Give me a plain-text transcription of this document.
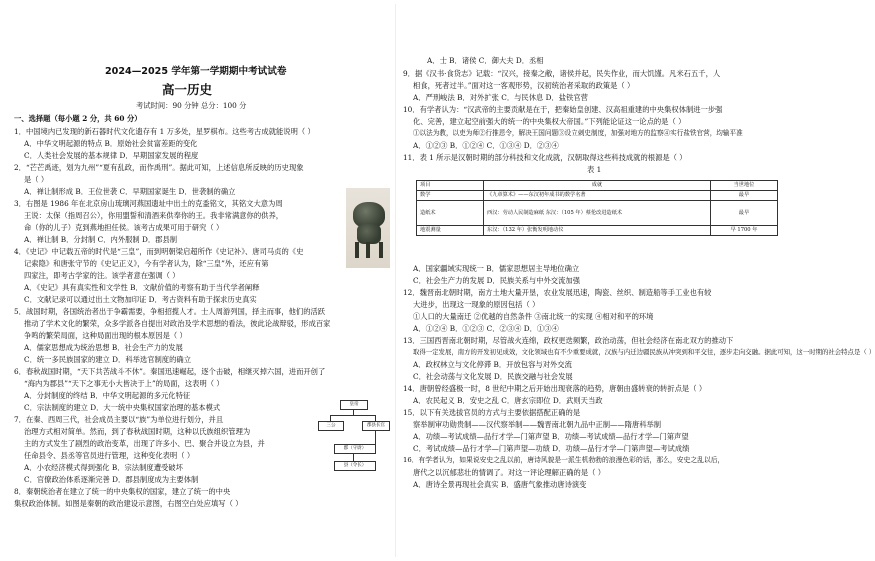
2024—2025 学年第一学期期中考试试卷
高一历史
考试时间：90 分钟 总分：100 分
一、选择题（每小题 2 分，共 60 分）
1．中国境内已发现的新石器时代文化遗存有 1 万多处，星罗棋布。这些考古成就能说明（ ）
A．中华文明起源的特点 B．原始社会贫富差距的变化
C．人类社会发展的基本规律 D．早期国家发展的程度
2．“芒芒禹迹，划为九州”“夏有乱政，而作禹刑”。据此可知，上述信息所反映的历史现象
是（ ）
A．禅让制形成 B．王位世袭 C．早期国家诞生 D．世袭制的确立
3．右图是 1986 年在北京房山琉璃河燕国遗址中出土的克盉铭文，其铭文大意为周
王说：太保（指周召公），你用盟誓和清酒来供奉你的王。我非常满意你的供养，
命（你的儿子）克到燕地担任侯。该考古成果可用于研究（ ）
A．禅让制 B．分封制 C．内外服制 D．郡县制
4．《史记》中记载五帝的时代是“三皇”，而到明朝梁启超所作《史记补》、唐司马贞的《史
记索隐》和唐张守节的《史记正义》，今有学者认为，除“三皇”外，还应有第
四家注，即考古学家的注。该学者意在强调（ ）
A．《史记》具有真实性和文学性 B．文献价值的考察有助于当代学者阐释
C．文献记录可以通过出土文物加印证 D．考古资料有助于探求历史真实
5．战国时期，各国统治者出于争霸需要，争相招揽人才。士人周游列国，择主而事，他们的活跃
推动了学术文化的繁荣，众多学派各自提出对政治及学术思想的看法，彼此论战辩驳，形成百家
争鸣的繁荣局面，这种局面出现的根本原因是（ ）
A．儒家思想成为统治思想 B．社会生产力的发展
C．统一多民族国家的建立 D．科举选官制度的确立
6．春秋战国时期，“天下共苦战斗不休”。秦国迅速崛起，逐个击破，相继灭掉六国，进而开创了
“海内为郡县”“天下之事无小大皆决于上”的局面，这表明（ ）
A．分封制度的终结 B．中华文明起源的多元化特征
C．宗法制度的建立 D．大一统中央集权国家治理的基本模式
7．在秦、西周三代，社会成员主要以“族”为单位进行划分，并且
治理方式相对简单。然而，到了春秋战国时期，这种以氏族组织管理为
主的方式发生了剧烈的政治变革，出现了许多小、巴、聚合并设立为县，并
任命县令、县丞等官员进行管理，这种变化表明（ ）
A．小农经济模式得到强化 B．宗法制度遭受破坏
C．官僚政治体系逐渐完善 D．郡县制度成为主要体制
8．秦朝统治者在建立了统一的中央集权的国家，建立了统一的中央
集权政治体制。如图是秦朝的政治建设示意图，右图空白处应填写（ ）
皇帝
三公	郡县长官
郡（守尉）
县（令长）
A．士 B．诸侯 C．御大夫 D．丞相
9．据《汉书·食货志》记载：“汉兴，接秦之敝，诸侯并起，民失作业，而大饥馑。凡米石五千，人
相食，死者过半。”面对这一客观形势，汉初统治者采取的政策是（ ）
A．严刑峻法 B．对外扩张 C．与民休息 D．盐铁官营
10．有学者认为：“汉武帝的主要贡献是在于，把秦始皇创建、汉高祖重建的中央集权体制进一步强
化、完善，建立起空前强大的统一的中央集权大帝国。”下列能论证这一论点的是（ ）
①以法为教，以吏为师②行推恩令，解决王国问题③设立刺史制度，加强对地方的监察④实行盐铁官营，均输平准
A．①②③ B．①②④ C．①③④ D．②③④
11．表 1 所示是汉朝时期的部分科技和文化成就，汉朝取得这些科技成就的根源是（ ）
表 1
项目	成就	当世地位
数学	《九章算术》——东汉初年成书的数学名著	最早
造纸术	西汉：劳动人民制造麻纸 东汉：（105 年）蔡伦改进造纸术	最早
地震测量	东汉：（132 年）张衡发明地动仪	早 1700 年
A．国家疆域实现统一 B．儒家思想居主导地位确立
C．社会生产力的发展 D．民族关系与中外交流加强
12．魏晋南北朝时期，南方土地大量开垦，农业发展迅速，陶瓷、丝织、制造船等手工业也有较
大进步，出现这一现象的原因包括（ ）
①人口的大量南迁 ②优越的自然条件 ③南北统一的实现 ④相对和平的环境
A．①②④ B．①②③ C．②③④ D．①③④
13．三国西晋南北朝时期，尽管战火连绵，政权更迭频繁，政治动荡，但社会经济在南北双方的推动下
取得一定发展，南方的开发初见成效，文化领域也有不少重要成就，汉族与内迁边疆民族从冲突到和平交往，逐步走向交融。据此可知，这一时期的社会特点是（ ）
A．政权林立与文化停滞 B．开放包容与对外交流
C．社会动荡与文化发展 D．民族交融与社会发展
14．唐朝曾经盛极一时，8 世纪中期之后开始出现衰落的趋势，唐朝由盛转衰的转折点是（ ）
A．农民起义 B．安史之乱 C．唐玄宗即位 D．武则天当政
15．以下有关选拔官员的方式与主要依据搭配正确的是
察举制审功勋贵制——汉代察举制——魏晋南北朝九品中正制——隋唐科举制
A．功绩—考试成绩—品行才学—门第声望 B．功绩—考试成绩—品行才学—门第声望
C．考试成绩—品行才学—门第声望—功绩 D．功绩—品行才学—门第声望—考试成绩
16．有学者认为，如果说安史之乱以前，唐诗风貌是一派生机勃勃的浪漫色彩的话，那么，安史之乱以后，
唐代之以沉郁悲壮的情调了。对这一评论理解正确的是（ ）
A．唐诗全景再现社会真实 B．盛唐气象推动唐诗演变
